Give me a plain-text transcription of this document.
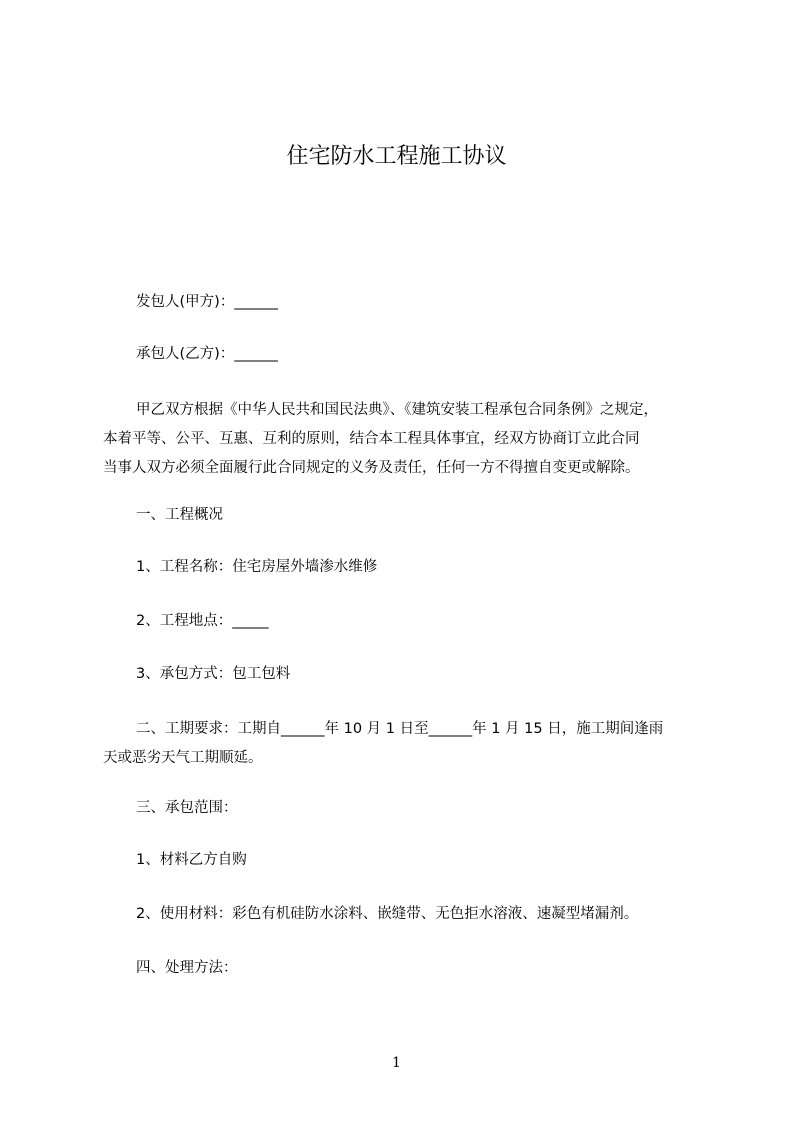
住宅防水工程施工协议
发包人(甲方)：______
承包人(乙方)：______
甲乙双方根据《中华人民共和国民法典》、《建筑安装工程承包合同条例》之规定，
本着平等、公平、互惠、互利的原则，结合本工程具体事宜，经双方协商订立此合同
当事人双方必须全面履行此合同规定的义务及责任，任何一方不得擅自变更或解除。
一、工程概况
1、工程名称：住宅房屋外墙渗水维修
2、工程地点：_____
3、承包方式：包工包料
二、工期要求：工期自______年 10 月 1 日至______年 1 月 15 日，施工期间逢雨
天或恶劣天气工期顺延。
三、承包范围：
1、材料乙方自购
2、使用材料：彩色有机硅防水涂料、嵌缝带、无色拒水溶液、速凝型堵漏剂。
四、处理方法：
1
